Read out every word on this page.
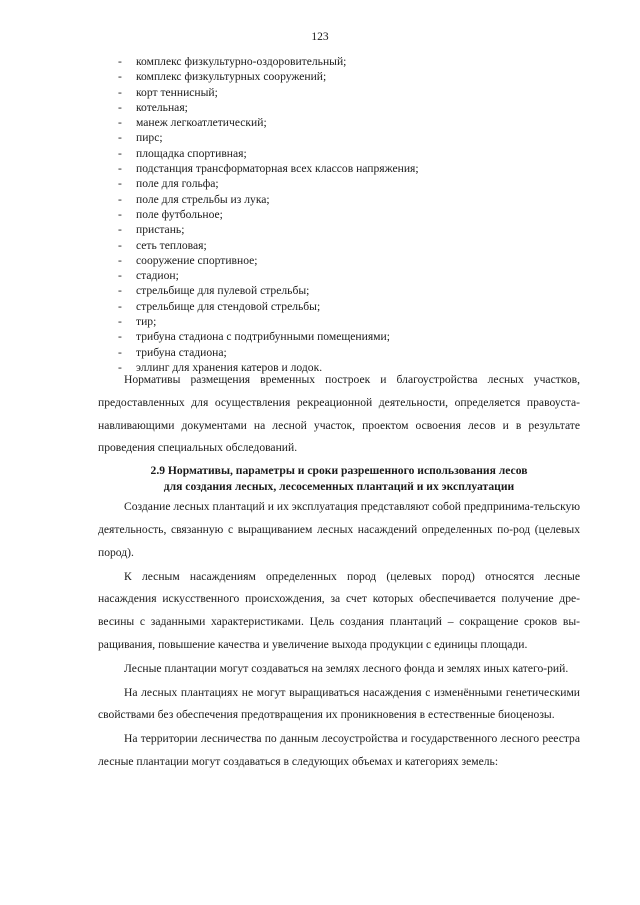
123
- комплекс физкультурно-оздоровительный;
- комплекс физкультурных сооружений;
- корт теннисный;
- котельная;
- манеж легкоатлетический;
- пирс;
- площадка спортивная;
- подстанция трансформаторная всех классов напряжения;
- поле для гольфа;
- поле для стрельбы из лука;
- поле футбольное;
- пристань;
- сеть тепловая;
- сооружение спортивное;
- стадион;
- стрельбище для пулевой стрельбы;
- стрельбище для стендовой стрельбы;
- тир;
- трибуна стадиона с подтрибунными помещениями;
- трибуна стадиона;
- эллинг для хранения катеров и лодок.

Нормативы размещения временных построек и благоустройства лесных участков, предоставленных для осуществления рекреационной деятельности, определяется правоуста-навливающими документами на лесной участок, проектом освоения лесов и в результате проведения специальных обследований.

2.9 Нормативы, параметры и сроки разрешенного использования лесов
для создания лесных, лесосеменных плантаций и их эксплуатации

Создание лесных плантаций и их эксплуатация представляют собой предпринима-тельскую деятельность, связанную с выращиванием лесных насаждений определенных по-род (целевых пород).

К лесным насаждениям определенных пород (целевых пород) относятся лесные насаждения искусственного происхождения, за счет которых обеспечивается получение дре-весины с заданными характеристиками. Цель создания плантаций – сокращение сроков вы-ращивания, повышение качества и увеличение выхода продукции с единицы площади.

Лесные плантации могут создаваться на землях лесного фонда и землях иных катего-рий.

На лесных плантациях не могут выращиваться насаждения с изменёнными генетическими свойствами без обеспечения предотвращения их проникновения в естественные биоценозы.

На территории лесничества по данным лесоустройства и государственного лесного реестра лесные плантации могут создаваться в следующих объемах и категориях земель:
